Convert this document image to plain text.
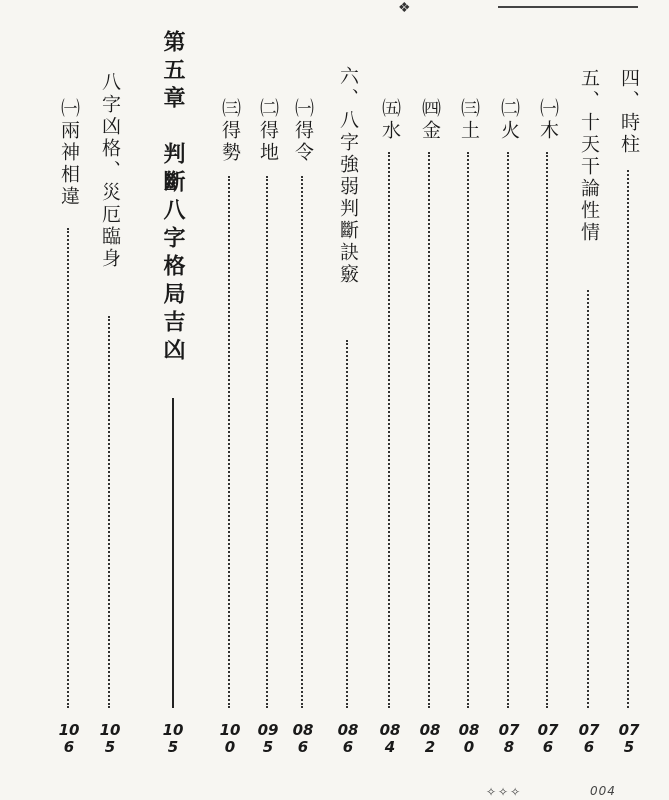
❖
四、時柱
075
五、十天干論性情
076
㈠木
076
㈡火
078
㈢土
080
㈣金
082
㈤水
084
六、八字強弱判斷訣竅
086
㈠得令
086
㈡得地
095
㈢得勢
100
第五章　判斷八字格局吉凶
105
八字凶格、災厄臨身
105
㈠兩神相違
106
✧✧✧	004
